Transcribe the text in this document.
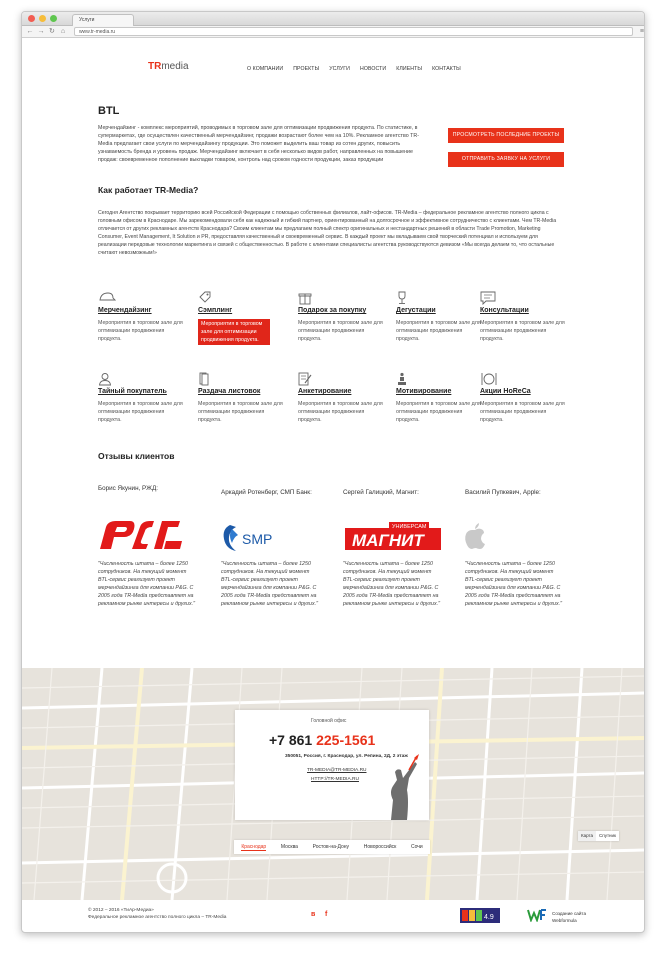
Услуги
← → ↻ ⌂	www.tr-media.ru	≡
TRmedia	О КОМПАНИИ ПРОЕКТЫ УСЛУГИ НОВОСТИ КЛИЕНТЫ КОНТАКТЫ
BTL

Мерчендайзинг - комплекс мероприятий, проводимых в торговом зале для оптимизации продвижения продукта. По статистике, в супермаркетах, где осуществлен качественный мерчендайзинг, продажи возрастают более чем на 10%. Рекламное агентство TR-Media предлагает свои услуги по мерчендайзингу продукции. Это поможет выделить ваш товар из сотен других, повысить узнаваемость бренда и уровень продаж. Мерчендайзинг включает в себя несколько видов работ, направленных на повышение продаж: своевременное пополнение выкладки товаром, контроль над сроком годности продукции, заказ продукции

ПРОСМОТРЕТЬ ПОСЛЕДНИЕ ПРОЕКТЫ
ОТПРАВИТЬ ЗАЯВКУ НА УСЛУГИ
Как работает TR-Media?

Сегодня Агентство покрывает территорию всей Российской Федерации с помощью собственных филиалов, лайт-офисов. TR-Media – федеральное рекламное агентство полного цикла с головным офисом в Краснодаре. Мы зарекомендовали себя как надежный и гибкий партнер, ориентированный на долгосрочное и эффективное сотрудничество с клиентами. Чем TR-Media отличается от других рекламных агентств Краснодара? Своим клиентам мы предлагаем полный спектр оригинальных и нестандартных решений в области Trade Promotion, Marketing Consumer, Event Management, It Solution и PR, предоставляя качественный и своевременный сервис. В каждый проект мы вкладываем свой творческий потенциал и используем для реализации передовые технологии маркетинга и связей с общественностью. В работе с клиентами специалисты агентства руководствуются девизом «Мы всегда делаем то, что остальные считают невозможным!»

Мерчендайзинг
Мероприятия в торговом зале для оптимизации продвижения продукта.
Сэмплинг
Мероприятия в торговом зале для оптимизации продвижения продукта.
Подарок за покупку
Мероприятия в торговом зале для оптимизации продвижения продукта.
Дегустации
Мероприятия в торговом зале для оптимизации продвижения продукта.
Консультации
Мероприятия в торговом зале для оптимизации продвижения продукта.
Тайный покупатель
Мероприятия в торговом зале для оптимизации продвижения продукта.
Раздача листовок
Мероприятия в торговом зале для оптимизации продвижения продукта.
Анкетирование
Мероприятия в торговом зале для оптимизации продвижения продукта.
Мотивирование
Мероприятия в торговом зале для оптимизации продвижения продукта.
Акции HoReCa
Мероприятия в торговом зале для оптимизации продвижения продукта.
Отзывы клиентов
Борис Якунин, РЖД:
Аркадий Ротенберг, СМП Банк:	Сергей Галицкий, Магнит:	Василий Пупкевич, Apple:
SMP
УНИВЕРСАМ
МАГНИТ

"Численность штата – более 1250 сотрудников. На текущий момент BTL-сервис реализует проект мерчендайзинга для компании P&G. С 2005 года TR-Media представляет на рекламном рынке интересы и других."

"Численность штата – более 1250 сотрудников. На текущий момент BTL-сервис реализует проект мерчендайзинга для компании P&G. С 2005 года TR-Media представляет на рекламном рынке интересы и других."

"Численность штата – более 1250 сотрудников. На текущий момент BTL-сервис реализует проект мерчендайзинга для компании P&G. С 2005 года TR-Media представляет на рекламном рынке интересы и других."

"Численность штата – более 1250 сотрудников. На текущий момент BTL-сервис реализует проект мерчендайзинга для компании P&G. С 2005 года TR-Media представляет на рекламном рынке интересы и других."

Головной офис
+7 861 225-1561
350051, Россия, г. Краснодар, ул. Репина, 2Д, 2 этаж
TR-MEDIA@TR-MEDIA.RU
HTTP://TR-MEDIA.RU
Краснодар	Москва	Ростов-на-Дону	Новороссийск	Сочи
Карта	Спутник
© 2012 – 2016 «ТиАр-Медиа»
Федеральное рекламное агентство полного цикла – TR-Media	в f	4.9
Создание сайта
Webformula
